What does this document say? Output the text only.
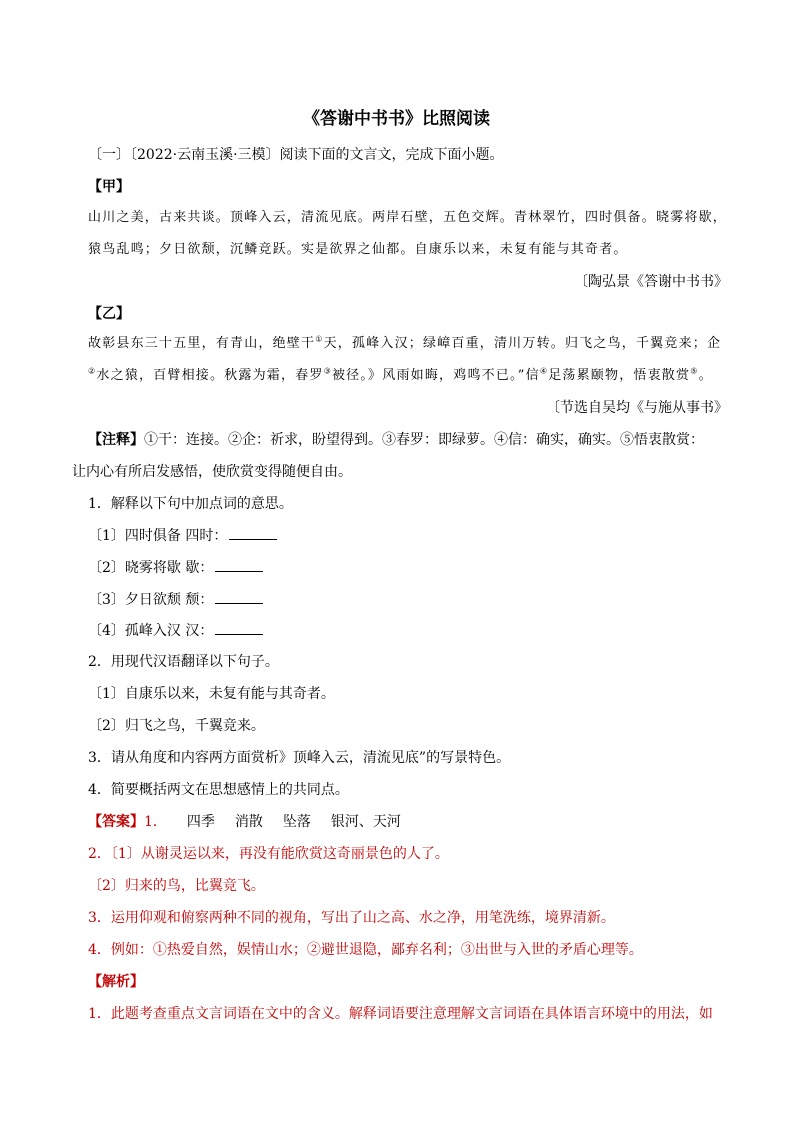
《答谢中书书》比照阅读
〔一〕〔2022·云南玉溪·三模〕阅读下面的文言文，完成下面小题。
【甲】
山川之美，古来共谈。顶峰入云，清流见底。两岸石壁，五色交辉。青林翠竹，四时俱备。晓雾将歇，
猿鸟乱鸣；夕日欲颓，沉鳞竞跃。实是欲界之仙都。自康乐以来，未复有能与其奇者。
〔陶弘景《答谢中书书》
【乙】
故彰县东三十五里，有青山，绝壁干①天，孤峰入汉；绿嶂百重，清川万转。归飞之鸟，千翼竞来；企
②水之猿，百臂相接。秋露为霜，春罗③被径。》风雨如晦，鸡鸣不已。”信④足荡累颐物，悟衷散赏⑤。
〔节选自吴均《与施从事书》
【注释】①干：连接。②企：祈求，盼望得到。③春罗：即绿萝。④信：确实，确实。⑤悟衷散赏：
让内心有所启发感悟，使欣赏变得随便自由。
1．解释以下句中加点词的意思。
〔1〕四时俱备 四时：
〔2〕晓雾将歇 歇：
〔3〕夕日欲颓 颓：
〔4〕孤峰入汉 汉：
2．用现代汉语翻译以下句子。
〔1〕自康乐以来，未复有能与其奇者。
〔2〕归飞之鸟，千翼竞来。
3．请从角度和内容两方面赏析》顶峰入云，清流见底”的写景特色。
4．简要概括两文在思想感情上的共同点。
【答案】1． 四季 消散 坠落 银河、天河
2．〔1〕从谢灵运以来，再没有能欣赏这奇丽景色的人了。
〔2〕归来的鸟，比翼竞飞。
3．运用仰观和俯察两种不同的视角，写出了山之高、水之净，用笔洗练，境界清新。
4．例如：①热爱自然，娱情山水；②避世退隐，鄙弃名利；③出世与入世的矛盾心理等。
【解析】
1．此题考查重点文言词语在文中的含义。解释词语要注意理解文言词语在具体语言环境中的用法，如
